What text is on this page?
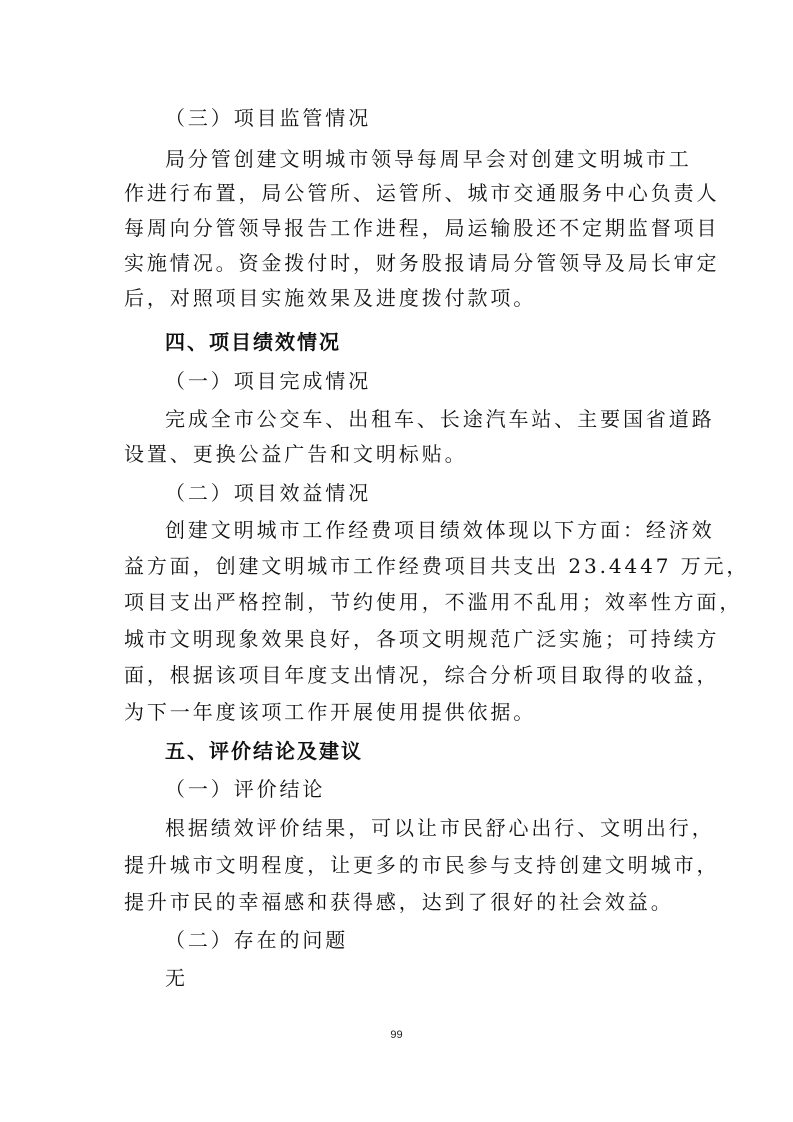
（三）项目监管情况
局分管创建文明城市领导每周早会对创建文明城市工
作进行布置，局公管所、运管所、城市交通服务中心负责人
每周向分管领导报告工作进程，局运输股还不定期监督项目
实施情况。资金拨付时，财务股报请局分管领导及局长审定
后，对照项目实施效果及进度拨付款项。
四、项目绩效情况
（一）项目完成情况
完成全市公交车、出租车、长途汽车站、主要国省道路
设置、更换公益广告和文明标贴。
（二）项目效益情况
创建文明城市工作经费项目绩效体现以下方面：经济效
益方面，创建文明城市工作经费项目共支出 23.4447 万元，
项目支出严格控制，节约使用，不滥用不乱用；效率性方面，
城市文明现象效果良好，各项文明规范广泛实施；可持续方
面，根据该项目年度支出情况，综合分析项目取得的收益，
为下一年度该项工作开展使用提供依据。
五、评价结论及建议
（一）评价结论
根据绩效评价结果，可以让市民舒心出行、文明出行，
提升城市文明程度，让更多的市民参与支持创建文明城市，
提升市民的幸福感和获得感，达到了很好的社会效益。
（二）存在的问题
无
99
